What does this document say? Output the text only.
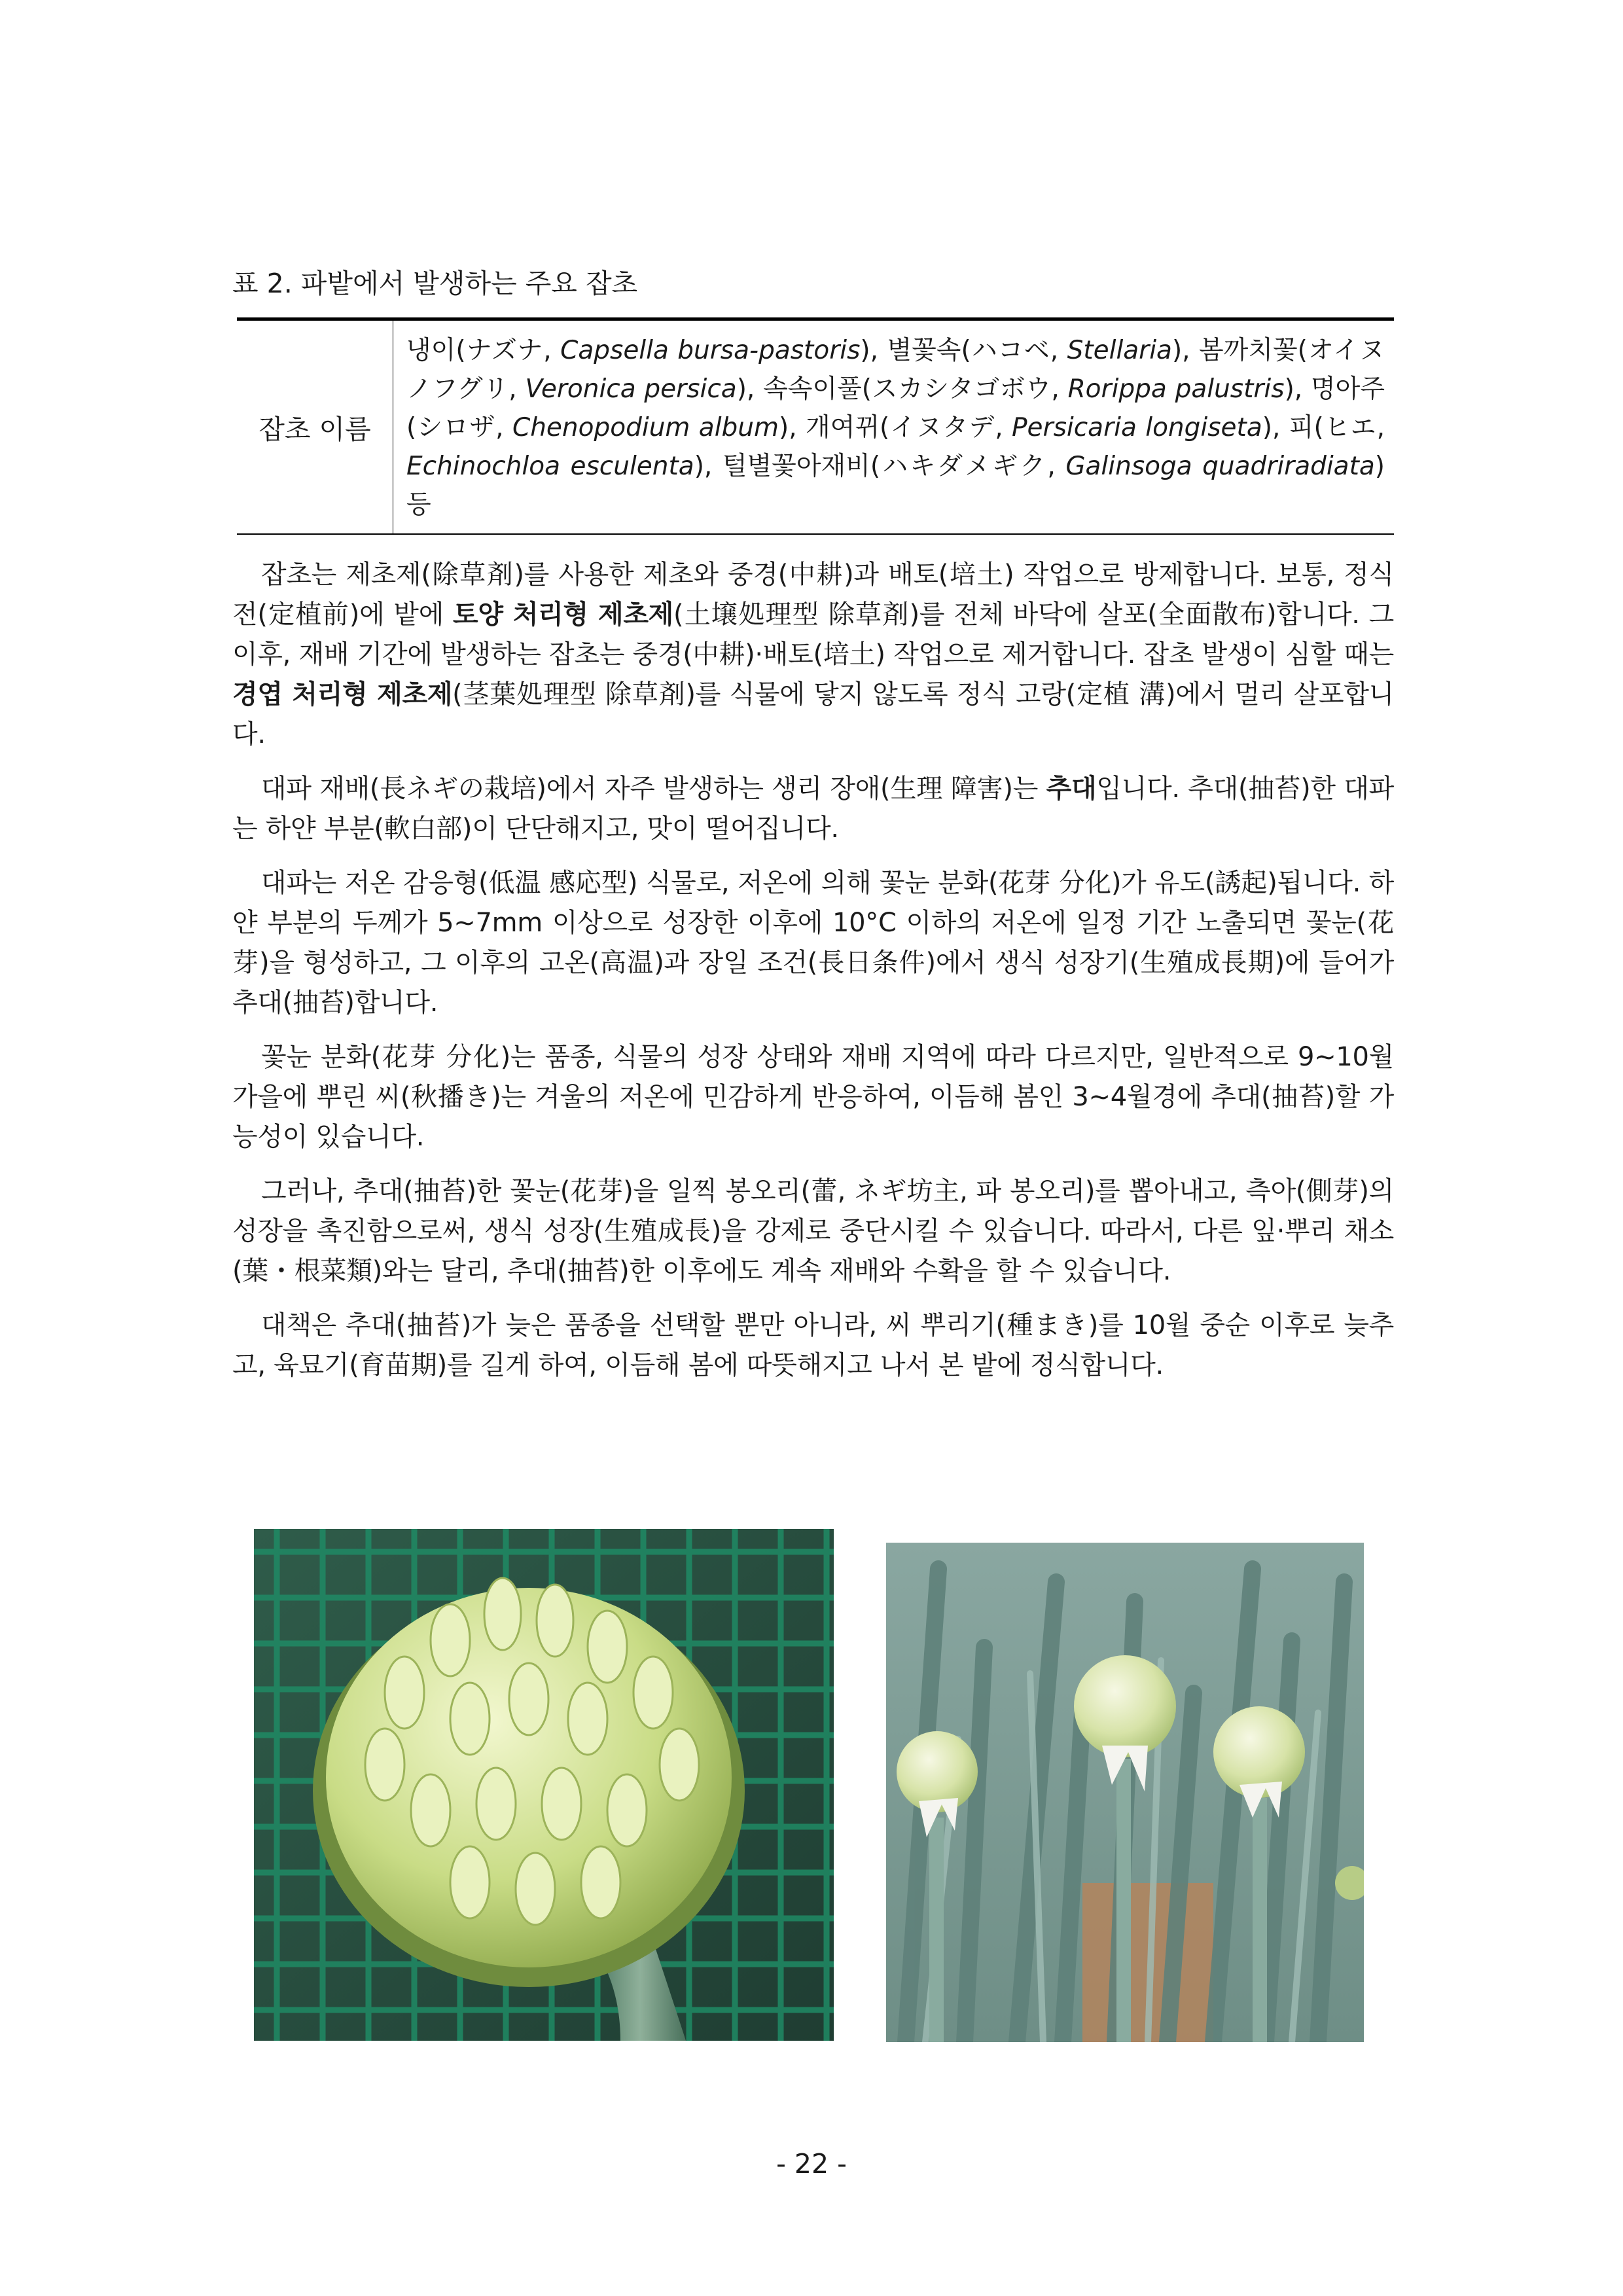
표 2. 파밭에서 발생하는 주요 잡초
잡초 이름
냉이(ナズナ, Capsella bursa-pastoris), 별꽃속(ハコベ, Stellaria), 봄까치꽃(オイヌノフグリ, Veronica persica), 속속이풀(スカシタゴボウ, Rorippa palustris), 명아주(シロザ, Chenopodium album), 개여뀌(イヌタデ, Persicaria longiseta), 피(ヒエ, Echinochloa esculenta), 털별꽃아재비(ハキダメギク, Galinsoga quadriradiata) 등

잡초는 제초제(除草剤)를 사용한 제초와 중경(中耕)과 배토(培土) 작업으로 방제합니다. 보통, 정식 전(定植前)에 밭에 토양 처리형 제초제(土壌処理型 除草剤)를 전체 바닥에 살포(全面散布)합니다. 그 이후, 재배 기간에 발생하는 잡초는 중경(中耕)·배토(培土) 작업으로 제거합니다. 잡초 발생이 심할 때는 경엽 처리형 제초제(茎葉処理型 除草剤)를 식물에 닿지 않도록 정식 고랑(定植 溝)에서 멀리 살포합니다.

대파 재배(長ネギの栽培)에서 자주 발생하는 생리 장애(生理 障害)는 추대입니다. 추대(抽苔)한 대파는 하얀 부분(軟白部)이 단단해지고, 맛이 떨어집니다.

대파는 저온 감응형(低温 感応型) 식물로, 저온에 의해 꽃눈 분화(花芽 分化)가 유도(誘起)됩니다. 하얀 부분의 두께가 5~7mm 이상으로 성장한 이후에 10°C 이하의 저온에 일정 기간 노출되면 꽃눈(花芽)을 형성하고, 그 이후의 고온(高温)과 장일 조건(長日条件)에서 생식 성장기(生殖成長期)에 들어가 추대(抽苔)합니다.

꽃눈 분화(花芽 分化)는 품종, 식물의 성장 상태와 재배 지역에 따라 다르지만, 일반적으로 9~10월 가을에 뿌린 씨(秋播き)는 겨울의 저온에 민감하게 반응하여, 이듬해 봄인 3~4월경에 추대(抽苔)할 가능성이 있습니다.

그러나, 추대(抽苔)한 꽃눈(花芽)을 일찍 봉오리(蕾, ネギ坊主, 파 봉오리)를 뽑아내고, 측아(側芽)의 성장을 촉진함으로써, 생식 성장(生殖成長)을 강제로 중단시킬 수 있습니다. 따라서, 다른 잎·뿌리 채소(葉・根菜類)와는 달리, 추대(抽苔)한 이후에도 계속 재배와 수확을 할 수 있습니다.

대책은 추대(抽苔)가 늦은 품종을 선택할 뿐만 아니라, 씨 뿌리기(種まき)를 10월 중순 이후로 늦추고, 육묘기(育苗期)를 길게 하여, 이듬해 봄에 따뜻해지고 나서 본 밭에 정식합니다.

- 22 -
